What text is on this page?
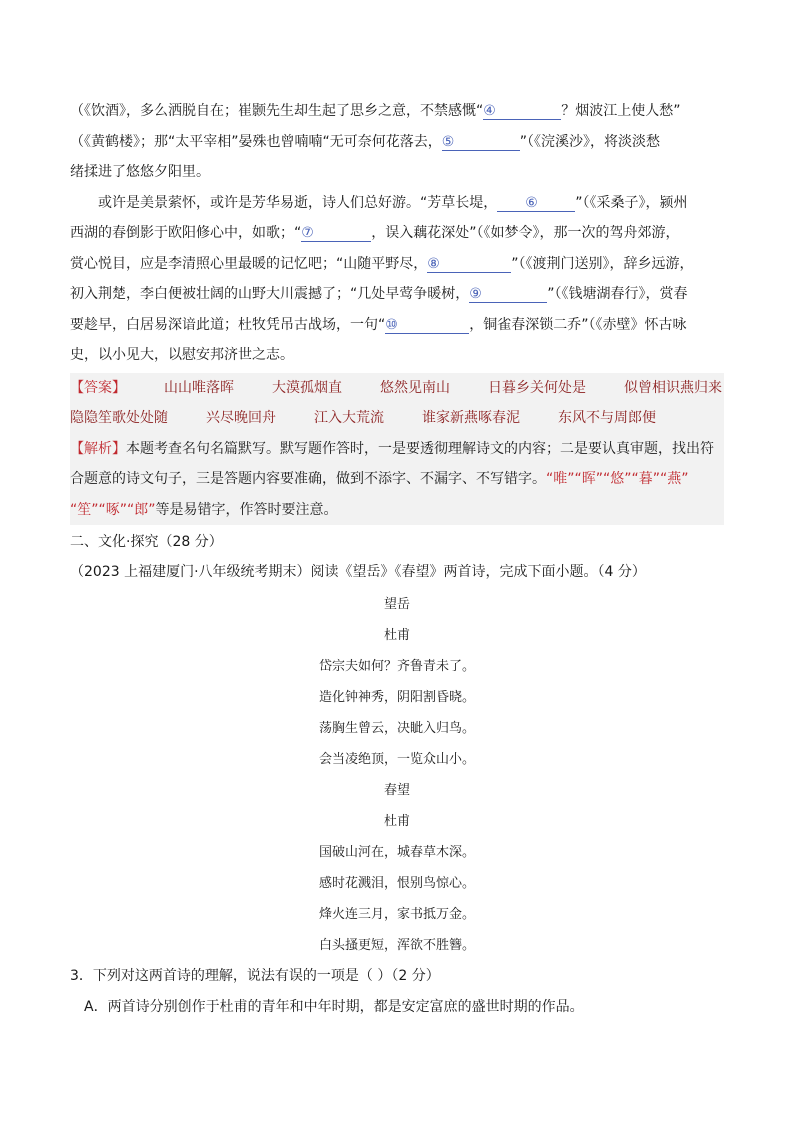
（《饮酒》，多么洒脱自在；崔颢先生却生起了思乡之意，不禁感慨“④	？烟波江上使人愁”

（《黄鹤楼》；那“太平宰相”晏殊也曾喃喃“无可奈何花落去，⑤	”（《浣溪沙》，将淡淡愁

绪揉进了悠悠夕阳里。

或许是美景萦怀，或许是芳华易逝，诗人们总好游。“芳草长堤， ⑥	”（《采桑子》，颍州

西湖的春倒影于欧阳修心中，如歌；“⑦	，误入藕花深处”（《如梦令》，那一次的驾舟郊游，

赏心悦目，应是李清照心里最暖的记忆吧；“山随平野尽，⑧	”（《渡荆门送别》，辞乡远游，

初入荆楚，李白便被壮阔的山野大川震撼了；“几处早莺争暖树，⑨	”（《钱塘湖春行》，赏春

要趁早，白居易深谙此道；杜牧凭吊古战场，一句“⑩	，铜雀春深锁二乔”（《赤壁》怀古咏

史，以小见大，以慰安邦济世之志。

【答案】	山山唯落晖	大漠孤烟直	悠然见南山	日暮乡关何处是	似曾相识燕归来
隐隐笙歌处处随	兴尽晚回舟	江入大荒流	谁家新燕啄春泥	东风不与周郎便

【解析】本题考查名句名篇默写。默写题作答时，一是要透彻理解诗文的内容；二是要认真审题，找出符

合题意的诗文句子，三是答题内容要准确，做到不添字、不漏字、不写错字。“唯”“晖”“悠”“暮”“燕”

“笙”“啄”“郎”等是易错字，作答时要注意。

二、文化·探究（28 分）

（2023 上福建厦门·八年级统考期末）阅读《望岳》《春望》两首诗，完成下面小题。（4 分）

望岳
杜甫
岱宗夫如何？齐鲁青未了。
造化钟神秀，阴阳割昏晓。
荡胸生曾云，决眦入归鸟。
会当凌绝顶，一览众山小。
春望
杜甫
国破山河在，城春草木深。
感时花溅泪，恨别鸟惊心。
烽火连三月，家书抵万金。
白头搔更短，浑欲不胜簪。

3．下列对这两首诗的理解，说法有误的一项是（ ）（2 分）

A．两首诗分别创作于杜甫的青年和中年时期，都是安定富庶的盛世时期的作品。
